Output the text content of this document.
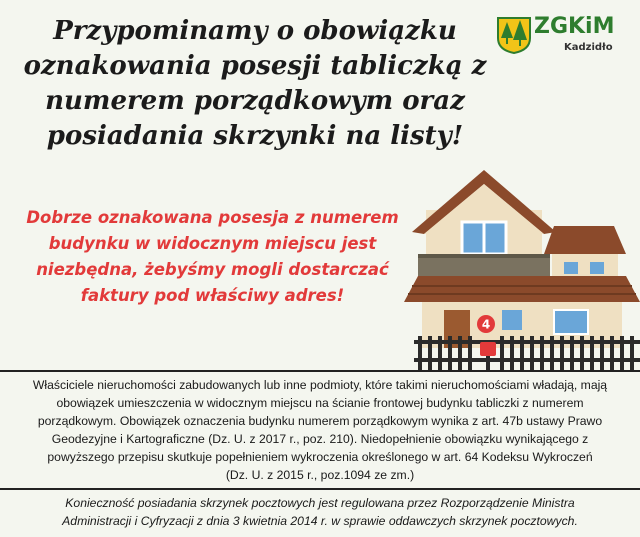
Przypominamy o obowiązku
oznakowania posesji tabliczką z
numerem porządkowym oraz
posiadania skrzynki na listy!
ZGKiM
Kadzidło

Dobrze oznakowana posesja z numerem
budynku w widocznym miejscu jest
niezbędna, żebyśmy mogli dostarczać
faktury pod właściwy adres!

4

Właściciele nieruchomości zabudowanych lub inne podmioty, które takimi nieruchomościami władają, mają
obowiązek umieszczenia w widocznym miejscu na ścianie frontowej budynku tabliczki z numerem
porządkowym. Obowiązek oznaczenia budynku numerem porządkowym wynika z art. 47b ustawy Prawo
Geodezyjne i Kartograficzne (Dz. U. z 2017 r., poz. 210). Niedopełnienie obowiązku wynikającego z
powyższego przepisu skutkuje popełnieniem wykroczenia określonego w art. 64 Kodeksu Wykroczeń
(Dz. U. z 2015 r., poz.1094 ze zm.)

Konieczność posiadania skrzynek pocztowych jest regulowana przez Rozporządzenie Ministra
Administracji i Cyfryzacji z dnia 3 kwietnia 2014 r. w sprawie oddawczych skrzynek pocztowych.
